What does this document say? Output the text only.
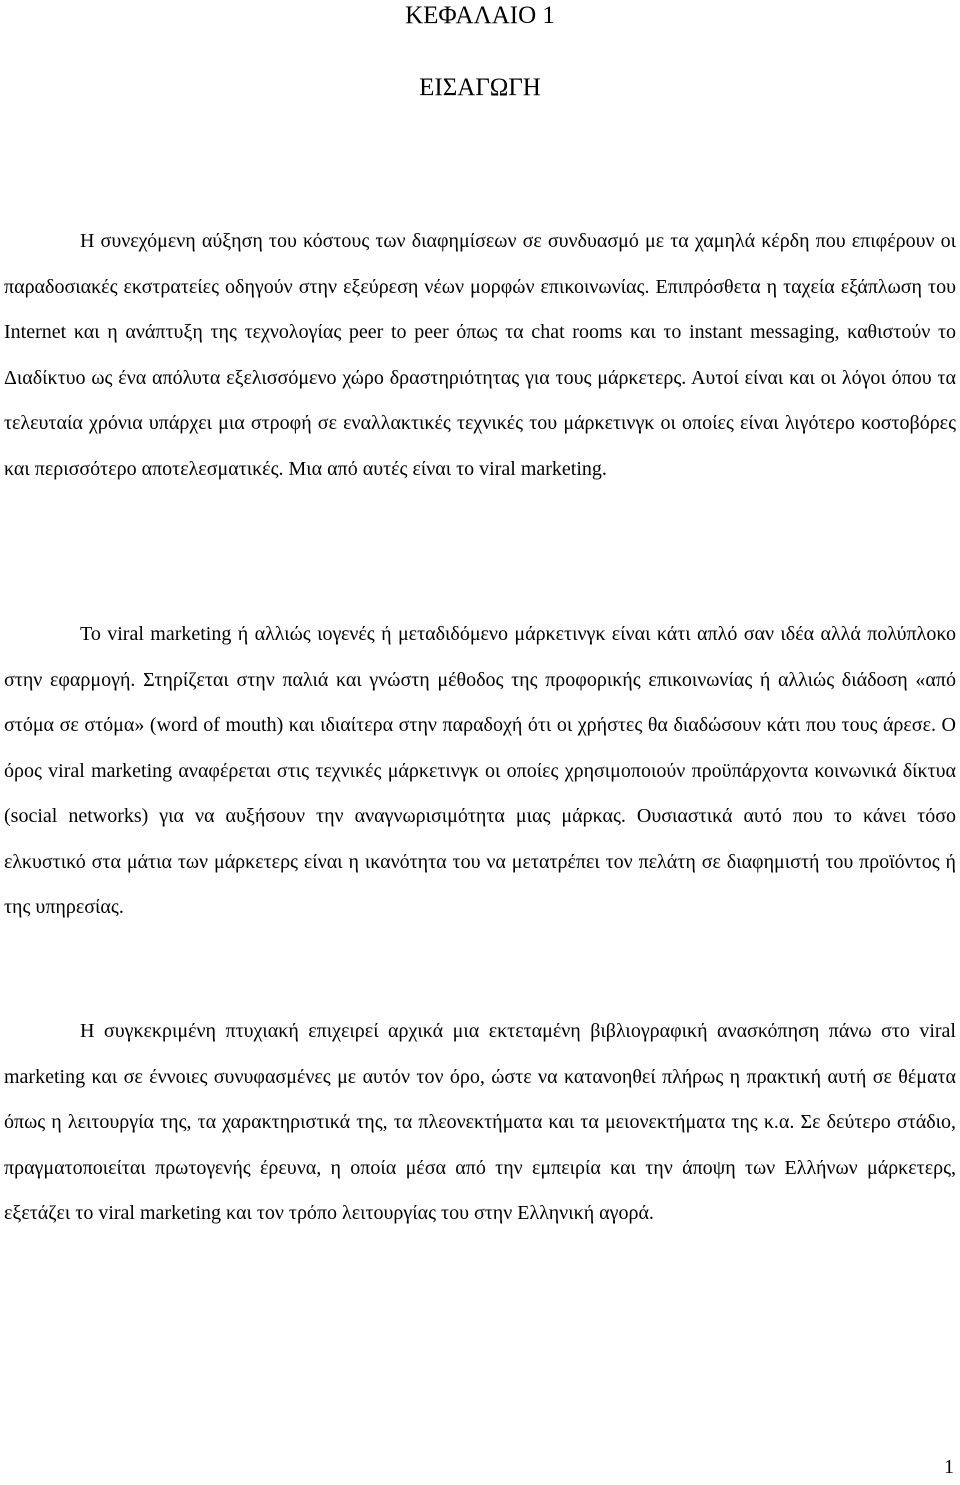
ΚΕΦΑΛΑΙΟ 1
ΕΙΣΑΓΩΓΗ

Η συνεχόμενη αύξηση του κόστους των διαφημίσεων σε συνδυασμό με τα χαμηλά κέρδη που επιφέρουν οι παραδοσιακές εκστρατείες οδηγούν στην εξεύρεση νέων μορφών επικοινωνίας. Επιπρόσθετα η ταχεία εξάπλωση του Internet και η ανάπτυξη της τεχνολογίας peer to peer όπως τα chat rooms και το instant messaging, καθιστούν το Διαδίκτυο ως ένα απόλυτα εξελισσόμενο χώρο δραστηριότητας για τους μάρκετερς. Αυτοί είναι και οι λόγοι όπου τα τελευταία χρόνια υπάρχει μια στροφή σε εναλλακτικές τεχνικές του μάρκετινγκ οι οποίες είναι λιγότερο κοστοβόρες και περισσότερο αποτελεσματικές. Μια από αυτές είναι το viral marketing.

Το viral marketing ή αλλιώς ιογενές ή μεταδιδόμενο μάρκετινγκ είναι κάτι απλό σαν ιδέα αλλά πολύπλοκο στην εφαρμογή. Στηρίζεται στην παλιά και γνώστη μέθοδος της προφορικής επικοινωνίας ή αλλιώς διάδοση «από στόμα σε στόμα» (word of mouth) και ιδιαίτερα στην παραδοχή ότι οι χρήστες θα διαδώσουν κάτι που τους άρεσε. Ο όρος viral marketing αναφέρεται στις τεχνικές μάρκετινγκ οι οποίες χρησιμοποιούν προϋπάρχοντα κοινωνικά δίκτυα (social networks) για να αυξήσουν την αναγνωρισιμότητα μιας μάρκας. Ουσιαστικά αυτό που το κάνει τόσο ελκυστικό στα μάτια των μάρκετερς είναι η ικανότητα του να μετατρέπει τον πελάτη σε διαφημιστή του προϊόντος ή της υπηρεσίας.

Η συγκεκριμένη πτυχιακή επιχειρεί αρχικά μια εκτεταμένη βιβλιογραφική ανασκόπηση πάνω στο viral marketing και σε έννοιες συνυφασμένες με αυτόν τον όρο, ώστε να κατανοηθεί πλήρως η πρακτική αυτή σε θέματα όπως η λειτουργία της, τα χαρακτηριστικά της, τα πλεονεκτήματα και τα μειονεκτήματα της κ.α. Σε δεύτερο στάδιο, πραγματοποιείται πρωτογενής έρευνα, η οποία μέσα από την εμπειρία και την άποψη των Ελλήνων μάρκετερς, εξετάζει το viral marketing και τον τρόπο λειτουργίας του στην Ελληνική αγορά.

1
